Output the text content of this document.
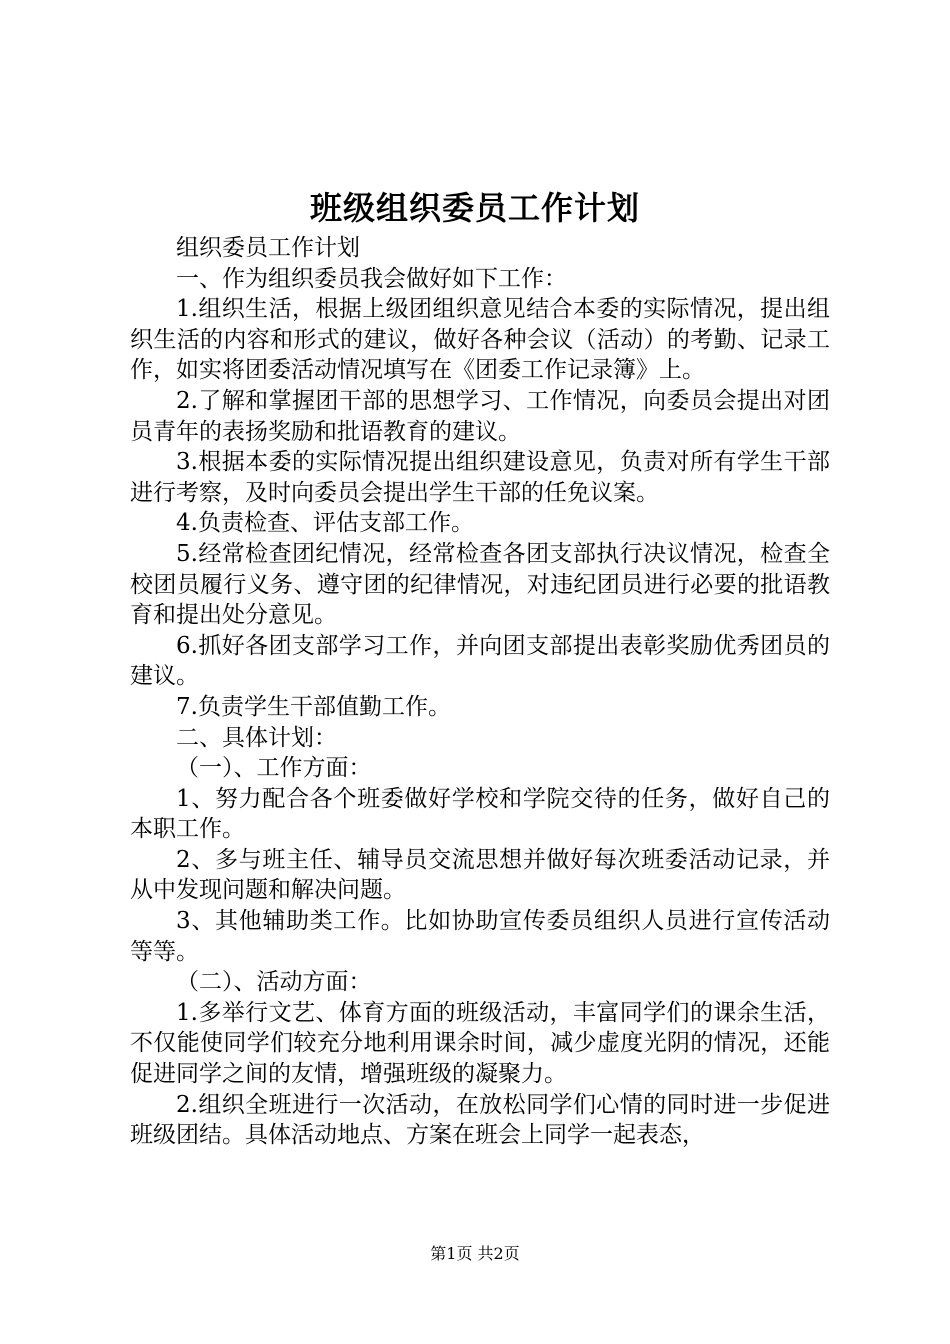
班级组织委员工作计划

组织委员工作计划

一、作为组织委员我会做好如下工作：

1.组织生活，根据上级团组织意见结合本委的实际情况，提出组织生活的内容和形式的建议，做好各种会议（活动）的考勤、记录工作，如实将团委活动情况填写在《团委工作记录簿》上。

2.了解和掌握团干部的思想学习、工作情况，向委员会提出对团员青年的表扬奖励和批语教育的建议。

3.根据本委的实际情况提出组织建设意见，负责对所有学生干部进行考察，及时向委员会提出学生干部的任免议案。

4.负责检查、评估支部工作。

5.经常检查团纪情况，经常检查各团支部执行决议情况，检查全校团员履行义务、遵守团的纪律情况，对违纪团员进行必要的批语教育和提出处分意见。

6.抓好各团支部学习工作，并向团支部提出表彰奖励优秀团员的建议。

7.负责学生干部值勤工作。

二、具体计划：

（一）、工作方面：

1、努力配合各个班委做好学校和学院交待的任务，做好自己的本职工作。

2、多与班主任、辅导员交流思想并做好每次班委活动记录，并从中发现问题和解决问题。

3、其他辅助类工作。比如协助宣传委员组织人员进行宣传活动等等。

（二）、活动方面：

1.多举行文艺、体育方面的班级活动，丰富同学们的课余生活，不仅能使同学们较充分地利用课余时间，减少虚度光阴的情况，还能促进同学之间的友情，增强班级的凝聚力。

2.组织全班进行一次活动，在放松同学们心情的同时进一步促进班级团结。具体活动地点、方案在班会上同学一起表态，

第1页 共2页
